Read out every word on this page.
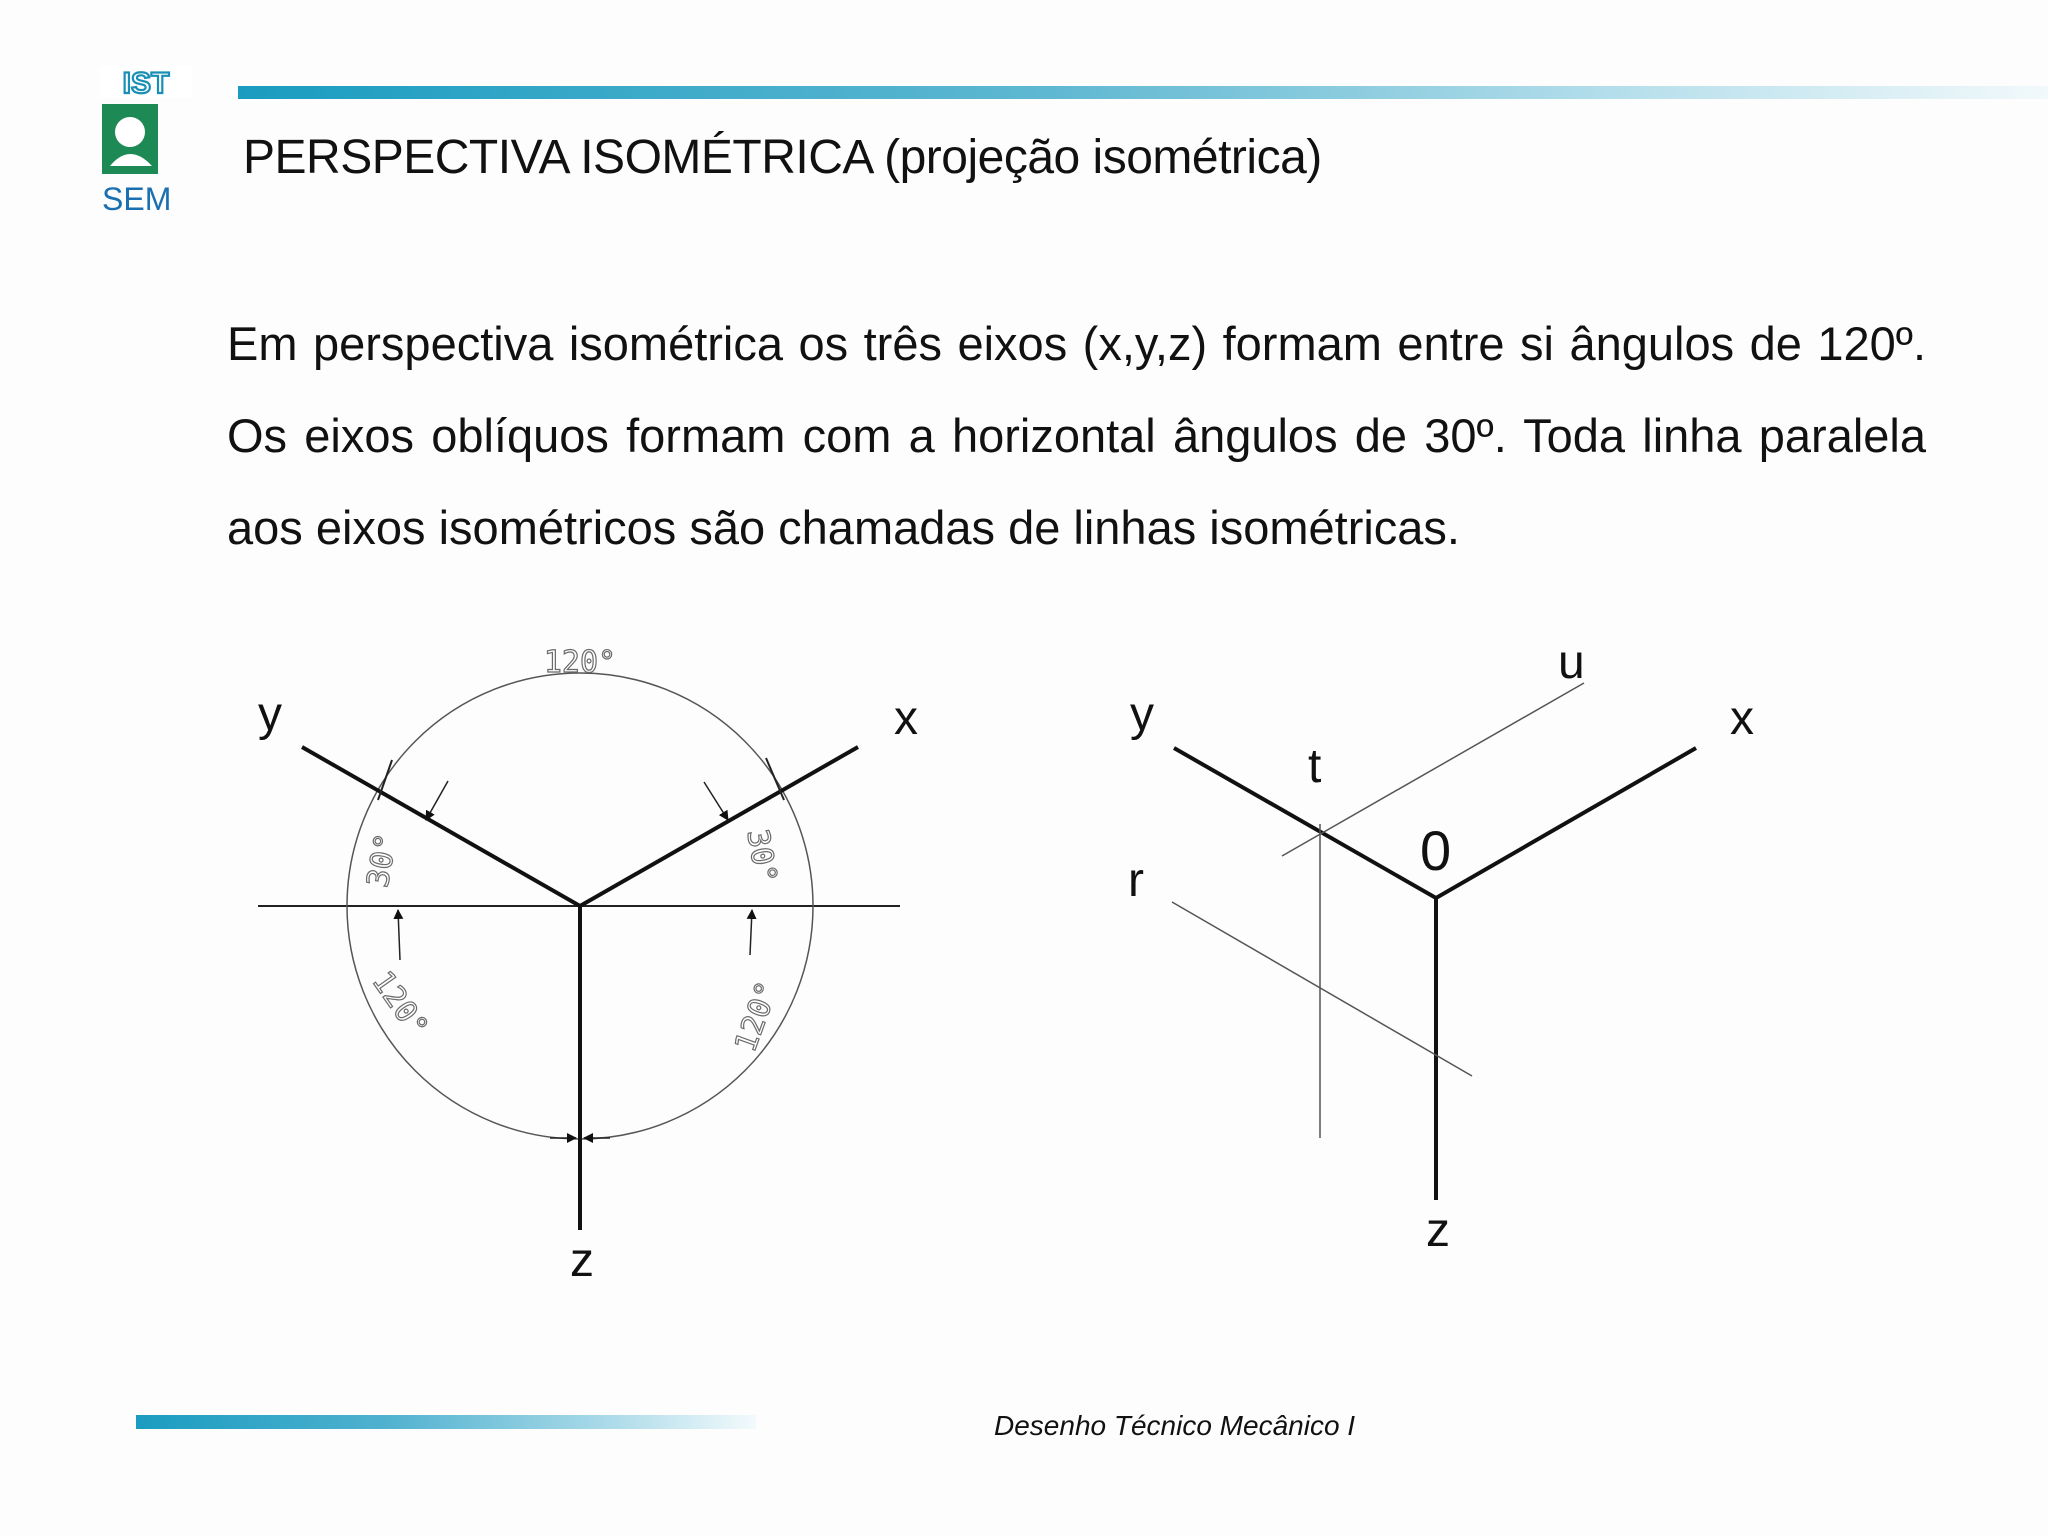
IST
SEM
PERSPECTIVA ISOMÉTRICA (projeção isométrica)
Em perspectiva isométrica os três eixos (x,y,z) formam entre si ângulos de 120º. Os eixos oblíquos formam com a horizontal ângulos de 30º. Toda linha paralela aos eixos isométricos são chamadas de linhas isométricas.
120°
30°	30°
120°	120°
y	x
z
y	x
z
0
t
u
r
Desenho Técnico Mecânico I
